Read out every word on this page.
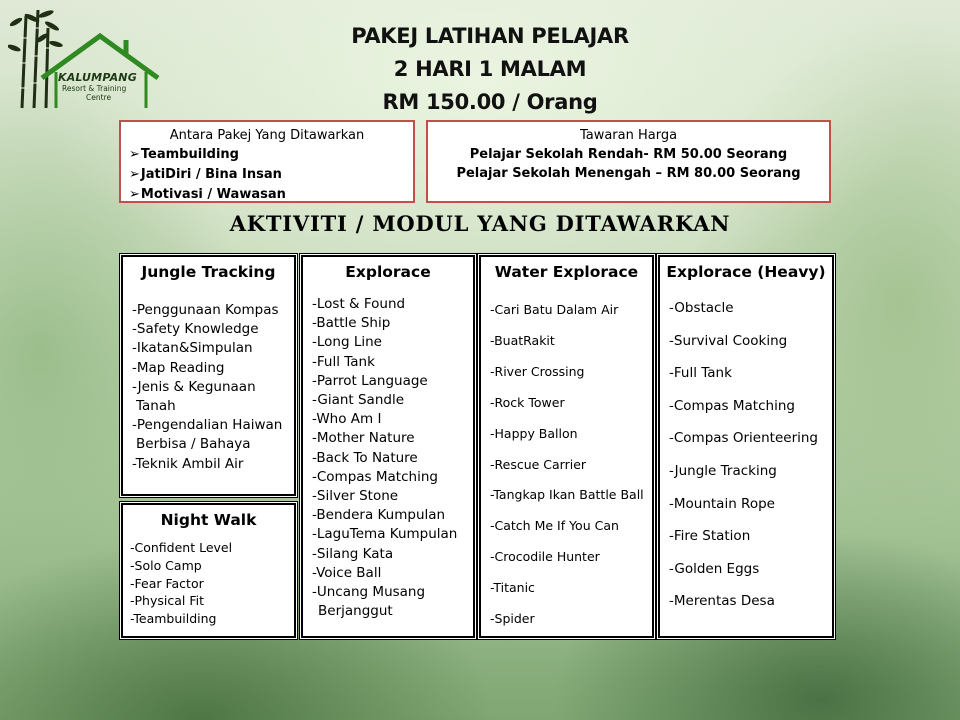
KALUMPANG
Resort & Training
Centre
PAKEJ LATIHAN PELAJAR
2 HARI 1 MALAM
RM 150.00 / Orang
Antara Pakej Yang Ditawarkan
➢ Teambuilding
➢ JatiDiri / Bina Insan
➢ Motivasi / Wawasan
Tawaran Harga
Pelajar Sekolah Rendah- RM 50.00 Seorang
Pelajar Sekolah Menengah – RM 80.00 Seorang
AKTIVITI / MODUL YANG DITAWARKAN
Jungle Tracking
-Penggunaan Kompas
-Safety Knowledge
-Ikatan&Simpulan
-Map Reading
-Jenis & Kegunaan
Tanah
-Pengendalian Haiwan
Berbisa / Bahaya
-Teknik Ambil Air
Explorace
-Lost & Found
-Battle Ship
-Long Line
-Full Tank
-Parrot Language
-Giant Sandle
-Who Am I
-Mother Nature
-Back To Nature
-Compas Matching
-Silver Stone
-Bendera Kumpulan
-LaguTema Kumpulan
-Silang Kata
-Voice Ball
-Uncang Musang
Berjanggut
Water Explorace
-Cari Batu Dalam Air
-BuatRakit
-River Crossing
-Rock Tower
-Happy Ballon
-Rescue Carrier
-Tangkap Ikan Battle Ball
-Catch Me If You Can
-Crocodile Hunter
-Titanic
-Spider
Explorace (Heavy)
-Obstacle
-Survival Cooking
-Full Tank
-Compas Matching
-Compas Orienteering
-Jungle Tracking
-Mountain Rope
-Fire Station
-Golden Eggs
-Merentas Desa
Night Walk
-Confident Level
-Solo Camp
-Fear Factor
-Physical Fit
-Teambuilding
